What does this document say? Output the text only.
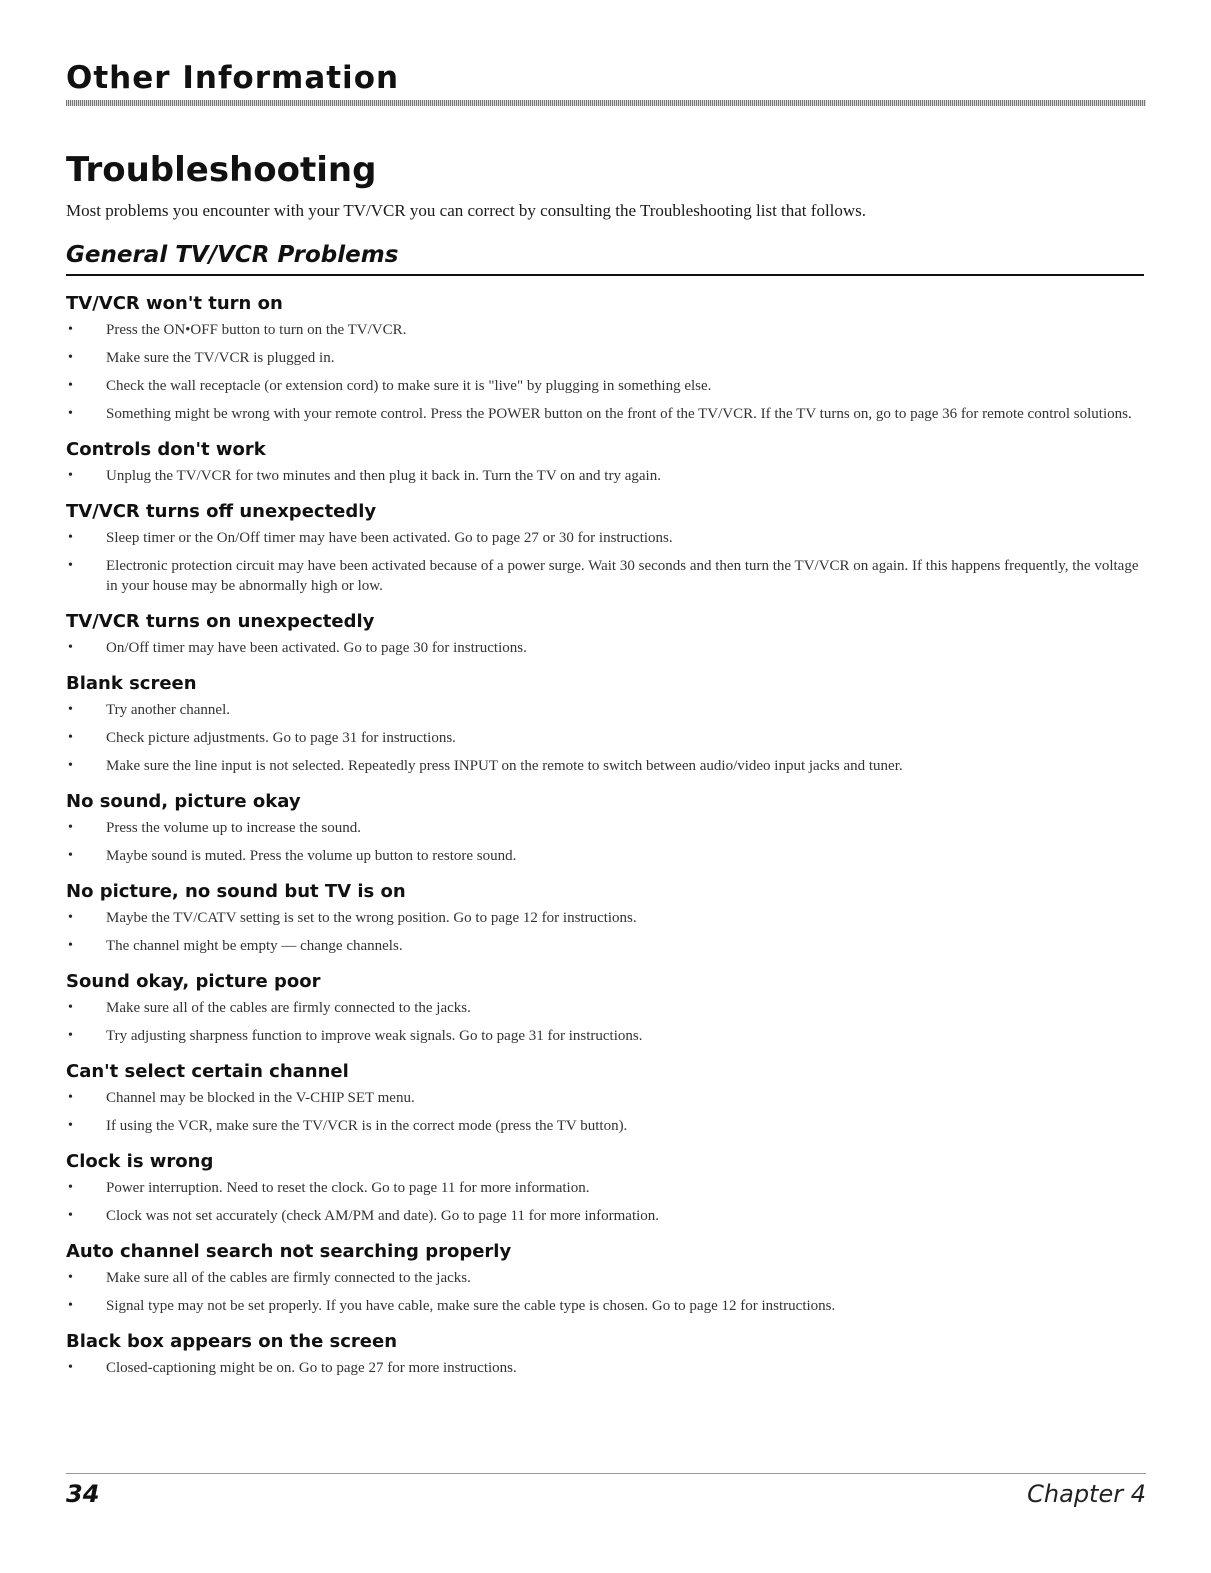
Other Information
Troubleshooting
Most problems you encounter with your TV/VCR you can correct by consulting the Troubleshooting list that follows.
General TV/VCR Problems
TV/VCR won't turn on
• Press the ON•OFF button to turn on the TV/VCR.
• Make sure the TV/VCR is plugged in.
• Check the wall receptacle (or extension cord) to make sure it is "live" by plugging in something else.
• Something might be wrong with your remote control. Press the POWER button on the front of the TV/VCR. If the TV turns on, go to page 36 for remote control solutions.
Controls don't work
• Unplug the TV/VCR for two minutes and then plug it back in. Turn the TV on and try again.
TV/VCR turns off unexpectedly
• Sleep timer or the On/Off timer may have been activated. Go to page 27 or 30 for instructions.
• Electronic protection circuit may have been activated because of a power surge. Wait 30 seconds and then turn the TV/VCR on again. If this happens frequently, the voltage in your house may be abnormally high or low.
TV/VCR turns on unexpectedly
• On/Off timer may have been activated. Go to page 30 for instructions.
Blank screen
• Try another channel.
• Check picture adjustments. Go to page 31 for instructions.
• Make sure the line input is not selected. Repeatedly press INPUT on the remote to switch between audio/video input jacks and tuner.
No sound, picture okay
• Press the volume up to increase the sound.
• Maybe sound is muted. Press the volume up button to restore sound.
No picture, no sound but TV is on
• Maybe the TV/CATV setting is set to the wrong position. Go to page 12 for instructions.
• The channel might be empty — change channels.
Sound okay, picture poor
• Make sure all of the cables are firmly connected to the jacks.
• Try adjusting sharpness function to improve weak signals. Go to page 31 for instructions.
Can't select certain channel
• Channel may be blocked in the V-CHIP SET menu.
• If using the VCR, make sure the TV/VCR is in the correct mode (press the TV button).
Clock is wrong
• Power interruption. Need to reset the clock. Go to page 11 for more information.
• Clock was not set accurately (check AM/PM and date). Go to page 11 for more information.
Auto channel search not searching properly
• Make sure all of the cables are firmly connected to the jacks.
• Signal type may not be set properly. If you have cable, make sure the cable type is chosen. Go to page 12 for instructions.
Black box appears on the screen
• Closed-captioning might be on. Go to page 27 for more instructions.
34	Chapter 4
